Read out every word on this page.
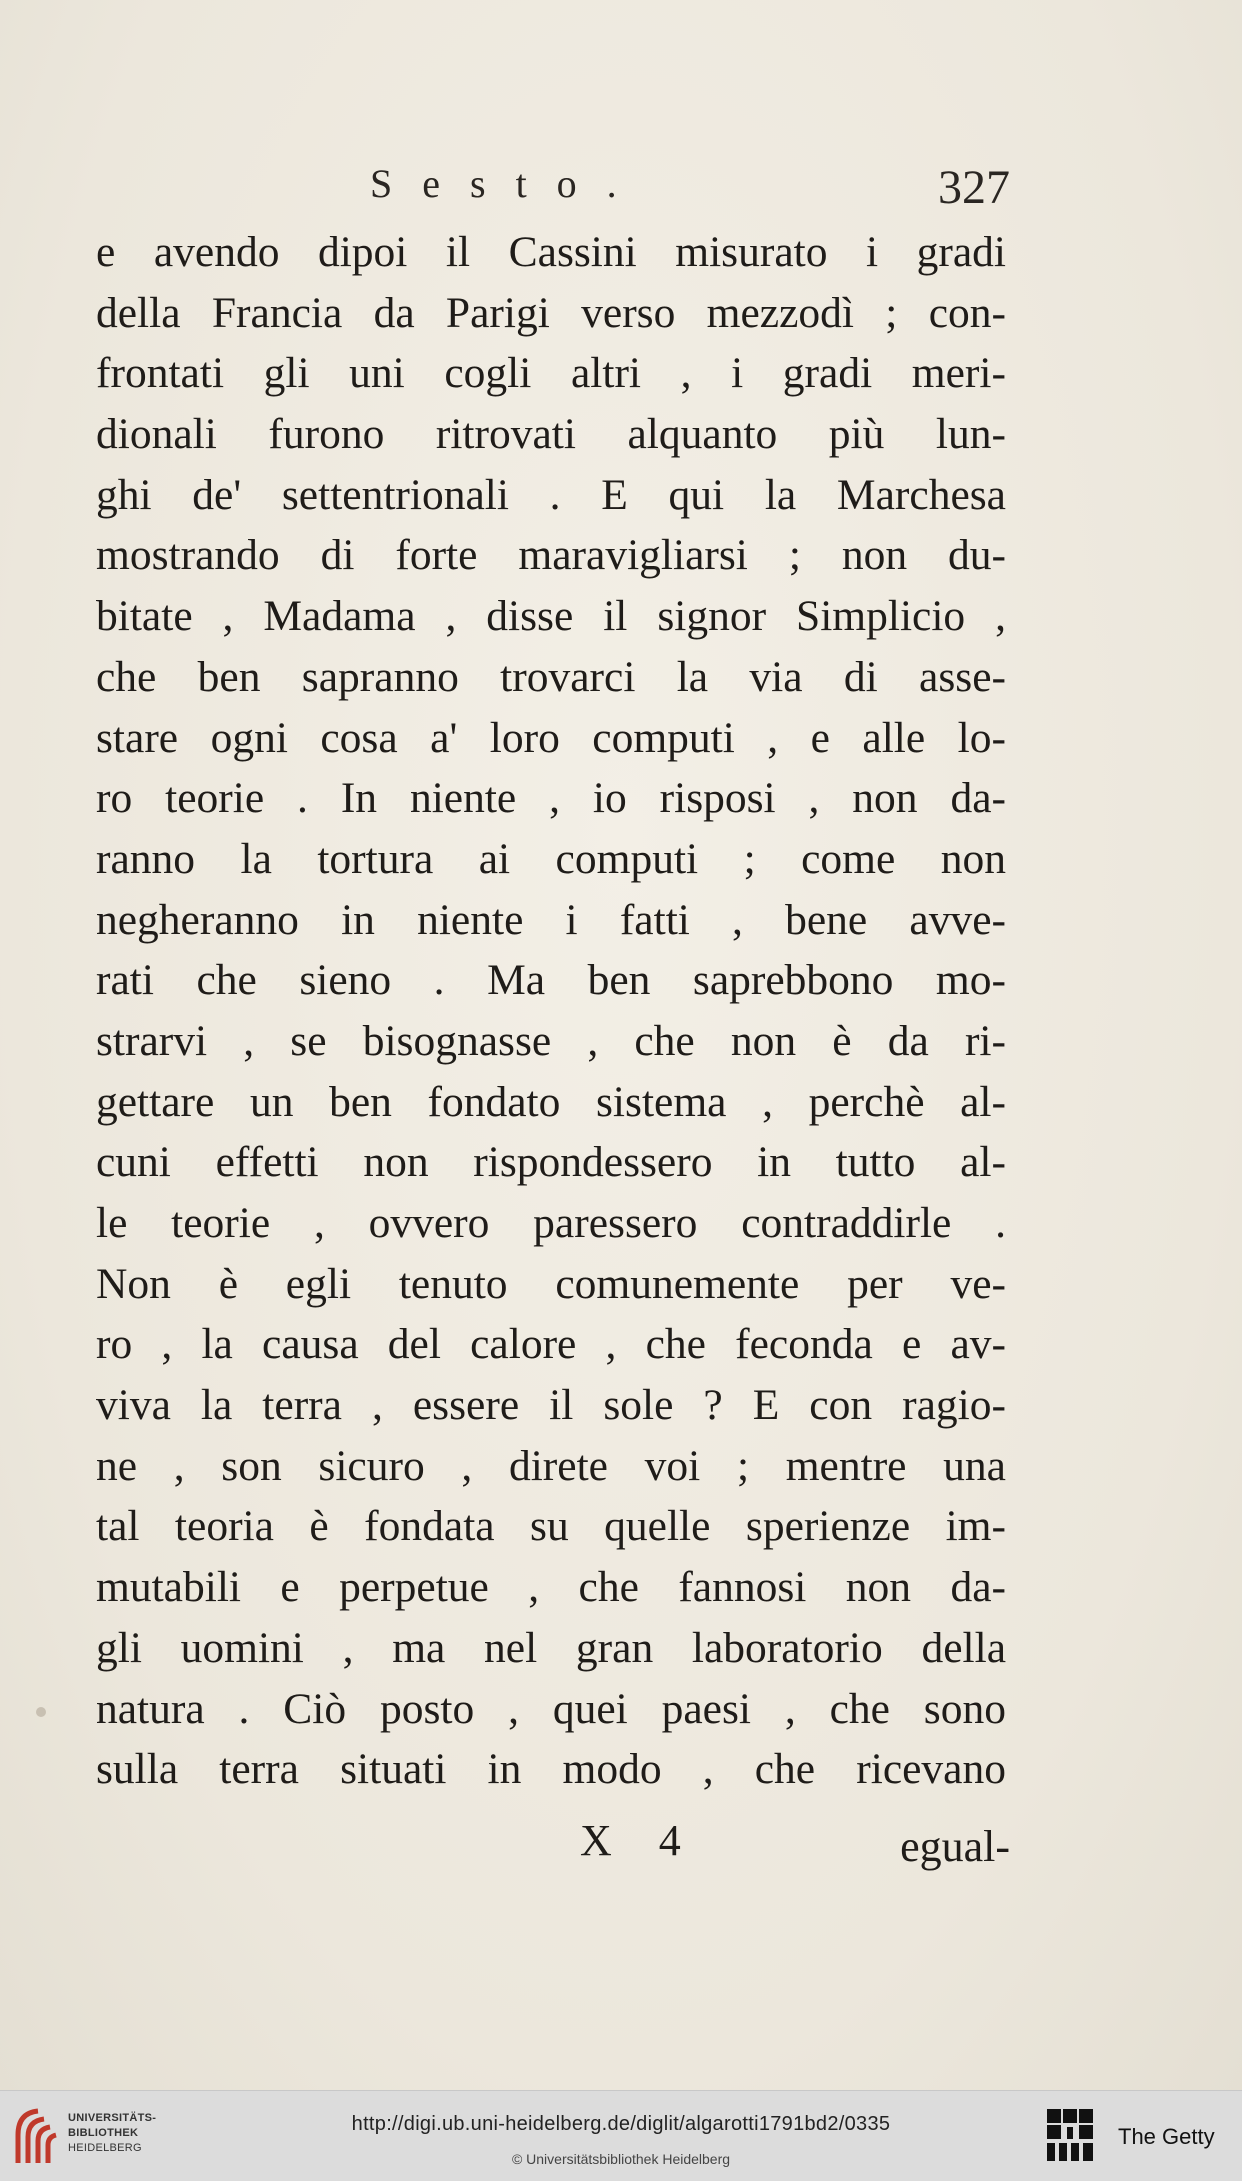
Sesto.	327
e avendo dipoi il Cassini misurato i gradi
della Francia da Parigi verso mezzodì ; con-
frontati gli uni cogli altri , i gradi meri-
dionali furono ritrovati alquanto più lun-
ghi de' settentrionali . E qui la Marchesa
mostrando di forte maravigliarsi ; non du-
bitate , Madama , disse il signor Simplicio ,
che ben sapranno trovarci la via di asse-
stare ogni cosa a' loro computi , e alle lo-
ro teorie . In niente , io risposi , non da-
ranno la tortura ai computi ; come non
negheranno in niente i fatti , bene avve-
rati che sieno . Ma ben saprebbono mo-
strarvi , se bisognasse , che non è da ri-
gettare un ben fondato sistema , perchè al-
cuni effetti non rispondessero in tutto al-
le teorie , ovvero paressero contraddirle .
Non è egli tenuto comunemente per ve-
ro , la causa del calore , che feconda e av-
viva la terra , essere il sole ? E con ragio-
ne , son sicuro , direte voi ; mentre una
tal teoria è fondata su quelle sperienze im-
mutabili e perpetue , che fannosi non da-
gli uomini , ma nel gran laboratorio della
natura . Ciò posto , quei paesi , che sono
sulla terra situati in modo , che ricevano
X 4	egual-
UNIVERSITÄTS-
BIBLIOTHEK
HEIDELBERG
http://digi.ub.uni-heidelberg.de/diglit/algarotti1791bd2/0335
© Universitätsbibliothek Heidelberg
The Getty
